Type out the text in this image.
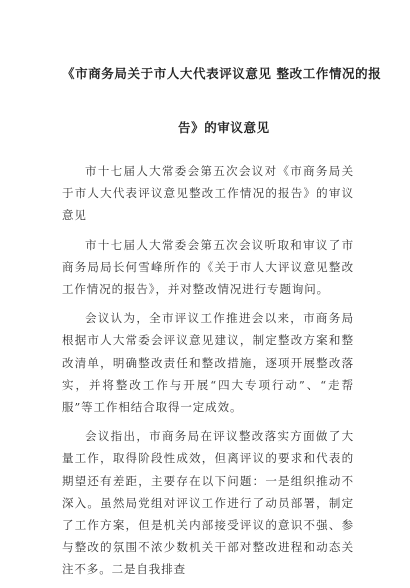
《市商务局关于市人大代表评议意见 整改工作情况的报
告》的审议意见

市十七届人大常委会第五次会议对《市商务局关于市人大代表评议意见整改工作情况的报告》的审议意见

市十七届人大常委会第五次会议听取和审议了市商务局局长何雪峰所作的《关于市人大评议意见整改工作情况的报告》，并对整改情况进行专题询问。

会议认为，全市评议工作推进会以来，市商务局根据市人大常委会评议意见建议，制定整改方案和整改清单，明确整改责任和整改措施，逐项开展整改落实，并将整改工作与开展“四大专项行动”、“走帮服”等工作相结合取得一定成效。

会议指出，市商务局在评议整改落实方面做了大量工作，取得阶段性成效，但离评议的要求和代表的期望还有差距，主要存在以下问题：一是组织推动不深入。虽然局党组对评议工作进行了动员部署，制定了工作方案，但是机关内部接受评议的意识不强、参与整改的氛围不浓少数机关干部对整改进程和动态关注不多。二是自我排查
